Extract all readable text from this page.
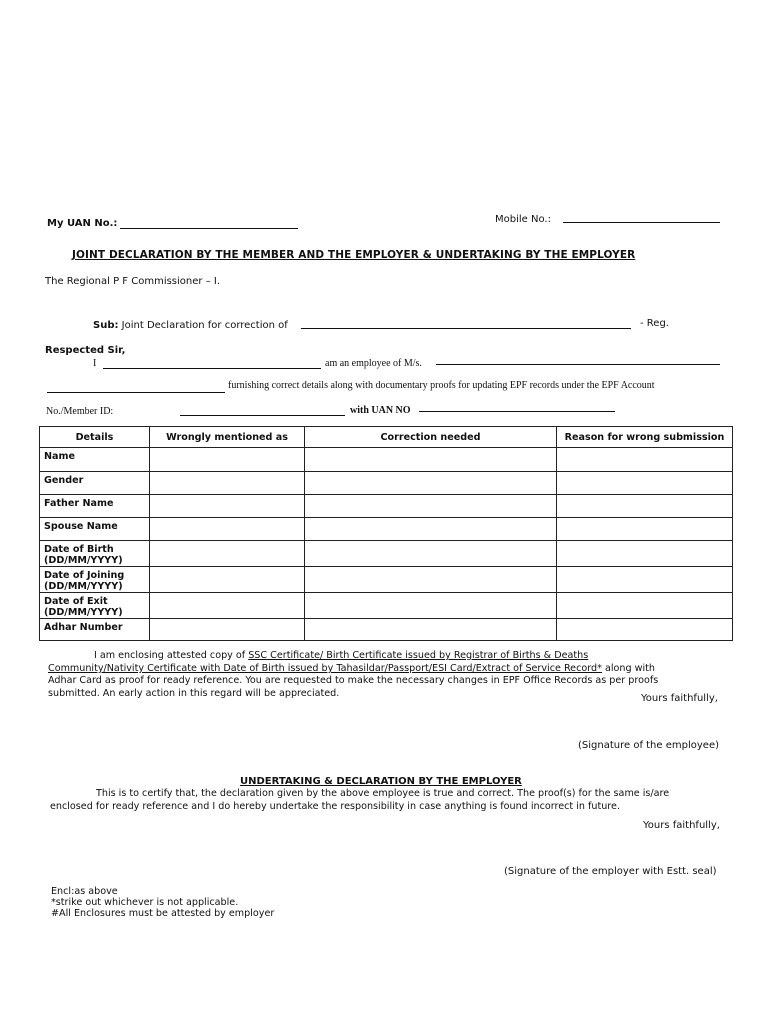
My UAN No.:	Mobile No.:
JOINT DECLARATION BY THE MEMBER AND THE EMPLOYER & UNDERTAKING BY THE EMPLOYER
The Regional P F Commissioner – I.
Sub: Joint Declaration for correction of	- Reg.
Respected Sir,
I	am an employee of M/s.
furnishing correct details along with documentary proofs for updating EPF records under the EPF Account
No./Member ID:	with UAN NO
Details	Wrongly mentioned as	Correction needed	Reason for wrong submission
Name			
Gender			
Father Name			
Spouse Name			
Date of Birth (DD/MM/YYYY)			
Date of Joining (DD/MM/YYYY)			
Date of Exit (DD/MM/YYYY)			
Adhar Number			
I am enclosing attested copy of SSC Certificate/ Birth Certificate issued by Registrar of Births & Deaths
Community/Nativity Certificate with Date of Birth issued by Tahasildar/Passport/ESI Card/Extract of Service Record* along with
Adhar Card as proof for ready reference. You are requested to make the necessary changes in EPF Office Records as per proofs
submitted. An early action in this regard will be appreciated.	Yours faithfully,
(Signature of the employee)
UNDERTAKING & DECLARATION BY THE EMPLOYER
This is to certify that, the declaration given by the above employee is true and correct. The proof(s) for the same is/are
enclosed for ready reference and I do hereby undertake the responsibility in case anything is found incorrect in future.
Yours faithfully,
(Signature of the employer with Estt. seal)
Encl:as above
*strike out whichever is not applicable.
#All Enclosures must be attested by employer
